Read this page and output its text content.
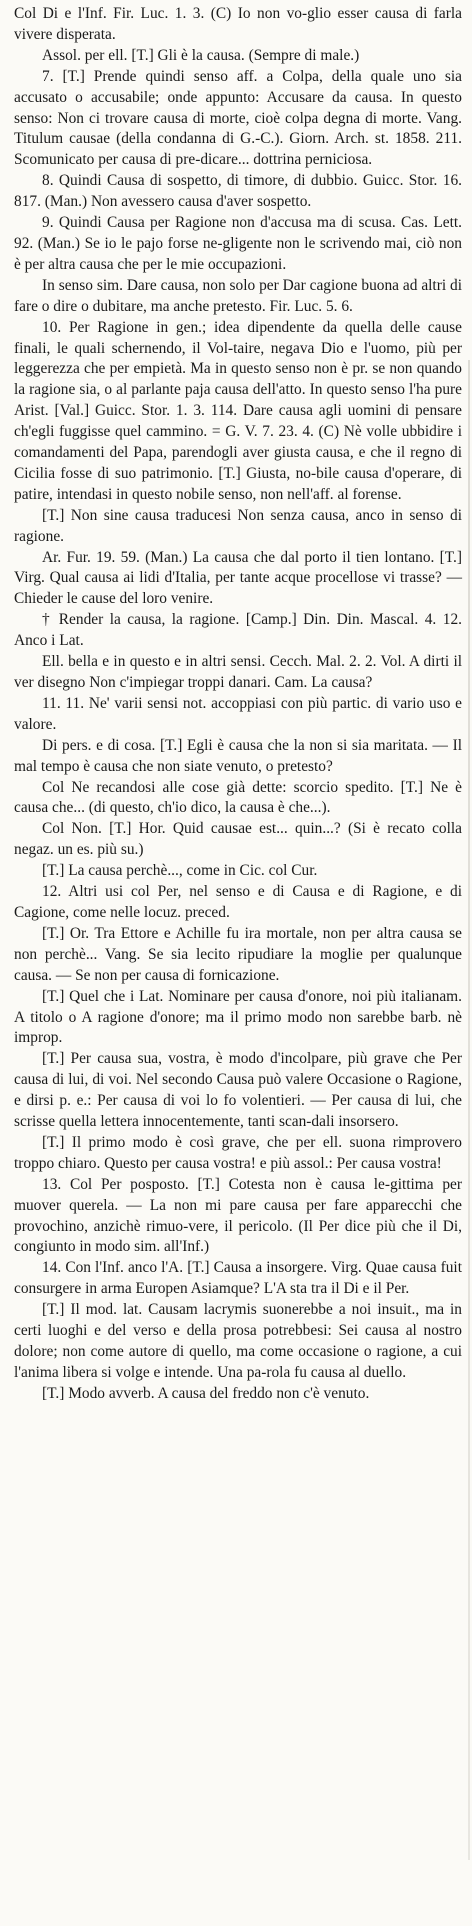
Col Di e l'Inf. Fir. Luc. 1. 3. (C) Io non vo-glio esser causa di farla vivere disperata.

Assol. per ell. [T.] Gli è la causa. (Sempre di male.)

7. [T.] Prende quindi senso aff. a Colpa, della quale uno sia accusato o accusabile; onde appunto: Accusare da causa. In questo senso: Non ci trovare causa di morte, cioè colpa degna di morte. Vang. Titulum causae (della condanna di G.-C.). Giorn. Arch. st. 1858. 211. Scomunicato per causa di pre-dicare... dottrina perniciosa.

8. Quindi Causa di sospetto, di timore, di dubbio. Guicc. Stor. 16. 817. (Man.) Non avessero causa d'aver sospetto.

9. Quindi Causa per Ragione non d'accusa ma di scusa. Cas. Lett. 92. (Man.) Se io le pajo forse ne-gligente non le scrivendo mai, ciò non è per altra causa che per le mie occupazioni.

In senso sim. Dare causa, non solo per Dar cagione buona ad altri di fare o dire o dubitare, ma anche pretesto. Fir. Luc. 5. 6.

10. Per Ragione in gen.; idea dipendente da quella delle cause finali, le quali schernendo, il Vol-taire, negava Dio e l'uomo, più per leggerezza che per empietà. Ma in questo senso non è pr. se non quando la ragione sia, o al parlante paja causa dell'atto. In questo senso l'ha pure Arist. [Val.] Guicc. Stor. 1. 3. 114. Dare causa agli uomini di pensare ch'egli fuggisse quel cammino. = G. V. 7. 23. 4. (C) Nè volle ubbidire i comandamenti del Papa, parendogli aver giusta causa, e che il regno di Cicilia fosse di suo patrimonio. [T.] Giusta, no-bile causa d'operare, di patire, intendasi in questo nobile senso, non nell'aff. al forense.

[T.] Non sine causa traducesi Non senza causa, anco in senso di ragione.

Ar. Fur. 19. 59. (Man.) La causa che dal porto il tien lontano. [T.] Virg. Qual causa ai lidi d'Italia, per tante acque procellose vi trasse? — Chieder le cause del loro venire.

† Render la causa, la ragione. [Camp.] Din. Din. Mascal. 4. 12. Anco i Lat.

Ell. bella e in questo e in altri sensi. Cecch. Mal. 2. 2. Vol. A dirti il ver disegno Non c'impiegar troppi danari. Cam. La causa?

11. 11. Ne' varii sensi not. accoppiasi con più partic. di vario uso e valore.

Di pers. e di cosa. [T.] Egli è causa che la non si sia maritata. — Il mal tempo è causa che non siate venuto, o pretesto?

Col Ne recandosi alle cose già dette: scorcio spedito. [T.] Ne è causa che... (di questo, ch'io dico, la causa è che...).

Col Non. [T.] Hor. Quid causae est... quin...? (Si è recato colla negaz. un es. più su.)

[T.] La causa perchè..., come in Cic. col Cur.

12. Altri usi col Per, nel senso e di Causa e di Ragione, e di Cagione, come nelle locuz. preced.

[T.] Or. Tra Ettore e Achille fu ira mortale, non per altra causa se non perchè... Vang. Se sia lecito ripudiare la moglie per qualunque causa. — Se non per causa di fornicazione.

[T.] Quel che i Lat. Nominare per causa d'onore, noi più italianam. A titolo o A ragione d'onore; ma il primo modo non sarebbe barb. nè improp.

[T.] Per causa sua, vostra, è modo d'incolpare, più grave che Per causa di lui, di voi. Nel secondo Causa può valere Occasione o Ragione, e dirsi p. e.: Per causa di voi lo fo volentieri. — Per causa di lui, che scrisse quella lettera innocentemente, tanti scan-dali insorsero.

[T.] Il primo modo è così grave, che per ell. suona rimprovero troppo chiaro. Questo per causa vostra! e più assol.: Per causa vostra!

13. Col Per posposto. [T.] Cotesta non è causa le-gittima per muover querela. — La non mi pare causa per fare apparecchi che provochino, anzichè rimuo-vere, il pericolo. (Il Per dice più che il Di, congiunto in modo sim. all'Inf.)

14. Con l'Inf. anco l'A. [T.] Causa a insorgere. Virg. Quae causa fuit consurgere in arma Europen Asiamque? L'A sta tra il Di e il Per.

[T.] Il mod. lat. Causam lacrymis suonerebbe a noi insuit., ma in certi luoghi e del verso e della prosa potrebbesi: Sei causa al nostro dolore; non come autore di quello, ma come occasione o ragione, a cui l'anima libera si volge e intende. Una pa-rola fu causa al duello.

[T.] Modo avverb. A causa del freddo non c'è venuto.
